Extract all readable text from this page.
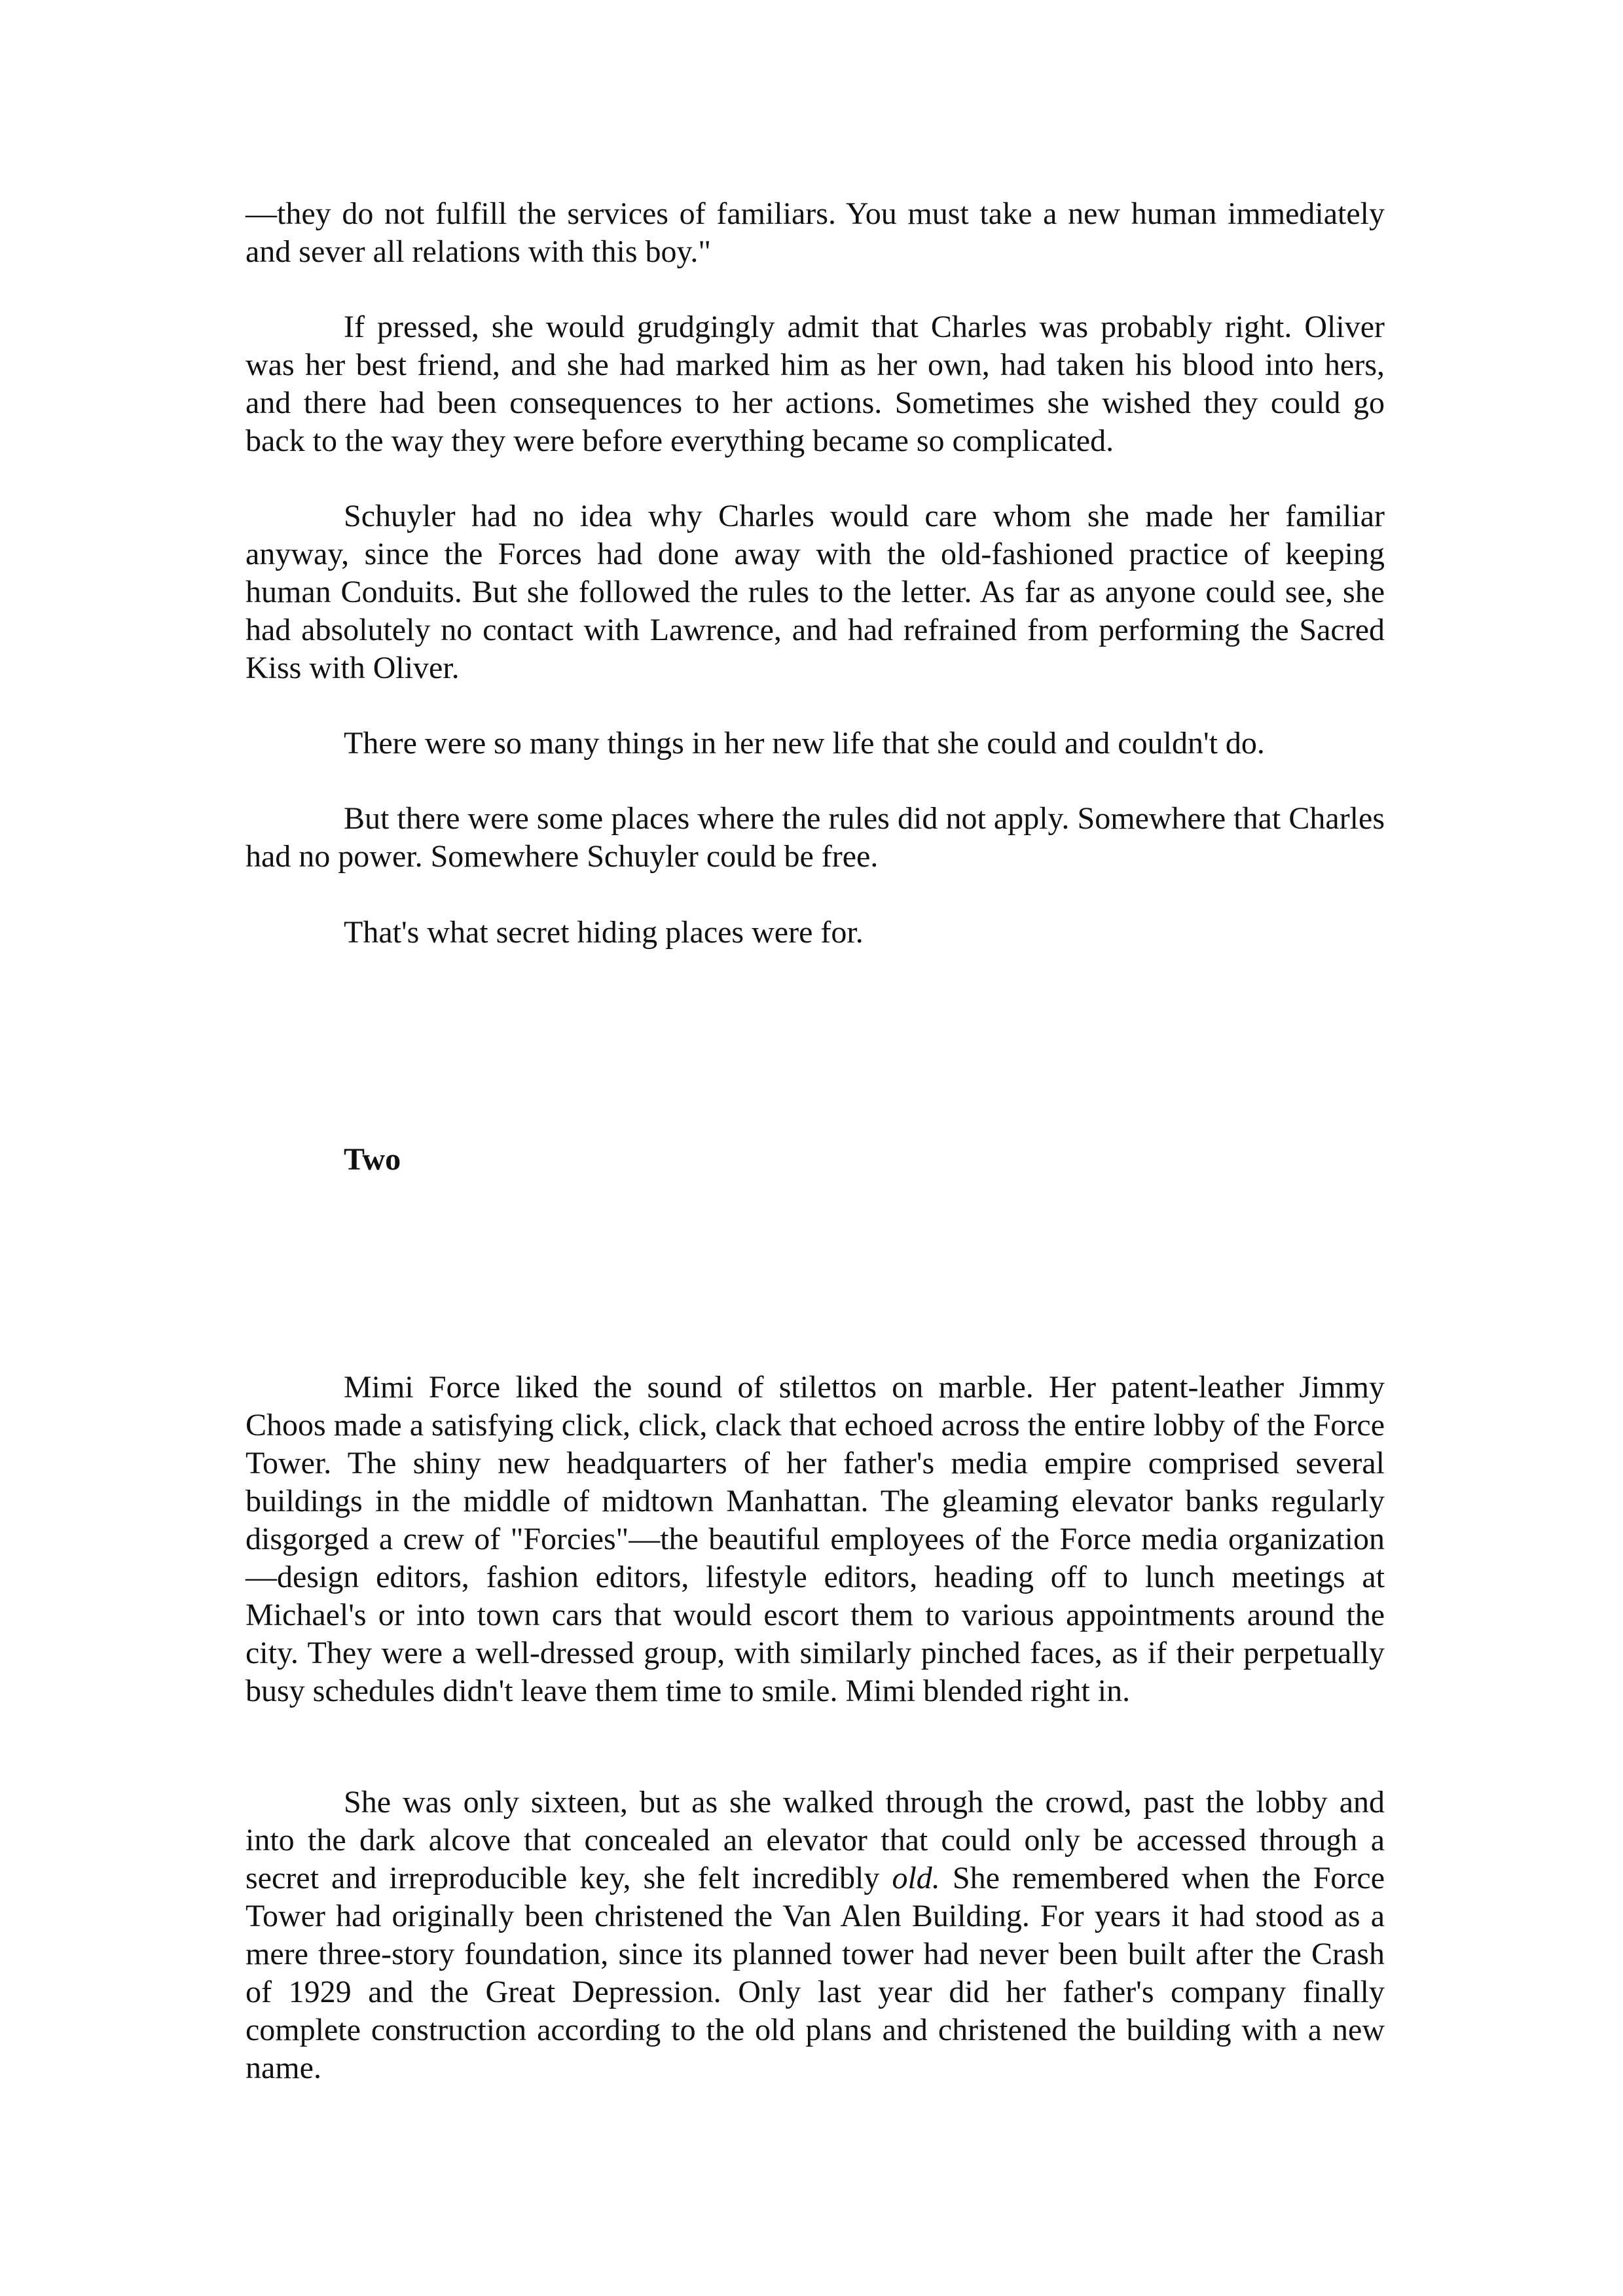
—they do not fulfill the services of familiars. You must take a new human immediately and sever all relations with this boy."

If pressed, she would grudgingly admit that Charles was probably right. Oliver was her best friend, and she had marked him as her own, had taken his blood into hers, and there had been consequences to her actions. Sometimes she wished they could go back to the way they were before everything became so complicated.

Schuyler had no idea why Charles would care whom she made her familiar anyway, since the Forces had done away with the old-fashioned practice of keeping human Conduits. But she followed the rules to the letter. As far as anyone could see, she had absolutely no contact with Lawrence, and had refrained from performing the Sacred Kiss with Oliver.

There were so many things in her new life that she could and couldn't do.

But there were some places where the rules did not apply. Somewhere that Charles had no power. Somewhere Schuyler could be free.

That's what secret hiding places were for.

Two

Mimi Force liked the sound of stilettos on marble. Her patent-leather Jimmy Choos made a satisfying click, click, clack that echoed across the entire lobby of the Force Tower. The shiny new headquarters of her father's media empire comprised several buildings in the middle of midtown Manhattan. The gleaming elevator banks regularly disgorged a crew of "Forcies"—the beautiful employees of the Force media organization—design editors, fashion editors, lifestyle editors, heading off to lunch meetings at Michael's or into town cars that would escort them to various appointments around the city. They were a well-dressed group, with similarly pinched faces, as if their perpetually busy schedules didn't leave them time to smile. Mimi blended right in.

She was only sixteen, but as she walked through the crowd, past the lobby and into the dark alcove that concealed an elevator that could only be accessed through a secret and irreproducible key, she felt incredibly old. She remembered when the Force Tower had originally been christened the Van Alen Building. For years it had stood as a mere three-story foundation, since its planned tower had never been built after the Crash of 1929 and the Great Depression. Only last year did her father's company finally complete construction according to the old plans and christened the building with a new name.
